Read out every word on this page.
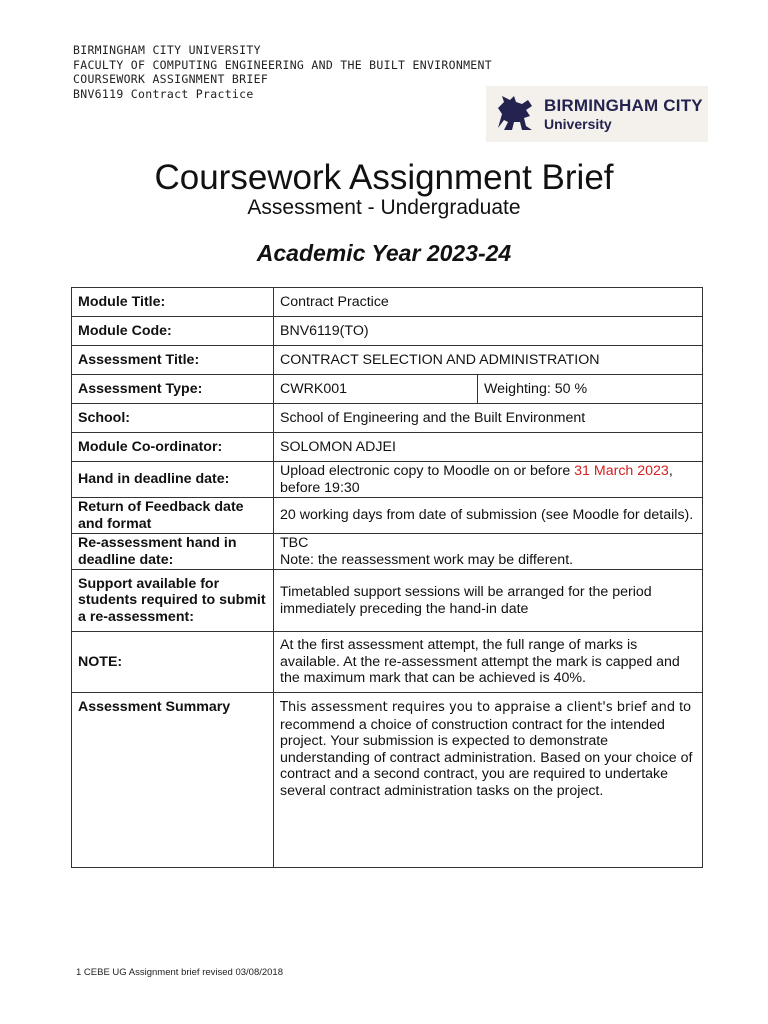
BIRMINGHAM CITY UNIVERSITY
FACULTY OF COMPUTING ENGINEERING AND THE BUILT ENVIRONMENT
COURSEWORK ASSIGNMENT BRIEF
BNV6119 Contract Practice
BIRMINGHAM CITY
University
Coursework Assignment Brief
Assessment - Undergraduate
Academic Year 2023-24
Module Title:	Contract Practice	
Module Code:	BNV6119(TO)	
Assessment Title:	CONTRACT SELECTION AND ADMINISTRATION	
Assessment Type:	CWRK001	Weighting: 50 %
School:	School of Engineering and the Built Environment	
Module Co-ordinator:	SOLOMON ADJEI	
Hand in deadline date:	Upload electronic copy to Moodle on or before 31 March 2023, before 19:30	
Return of Feedback date and format	20 working days from date of submission (see Moodle for details).	
Re-assessment hand in deadline date:	TBC
Note: the reassessment work may be different.	

Support available for students required to submit a re-assessment:	Timetabled support sessions will be arranged for the period immediately preceding the hand-in date	
NOTE:	At the first assessment attempt, the full range of marks is available. At the re-assessment attempt the mark is capped and the maximum mark that can be achieved is 40%.	
Assessment Summary	This assessment requires you to appraise a client's brief and to recommend a choice of construction contract for the intended project. Your submission is expected to demonstrate understanding of contract administration. Based on your choice of contract and a second contract, you are required to undertake several contract administration tasks on the project.	
1 CEBE UG Assignment brief revised 03/08/2018
